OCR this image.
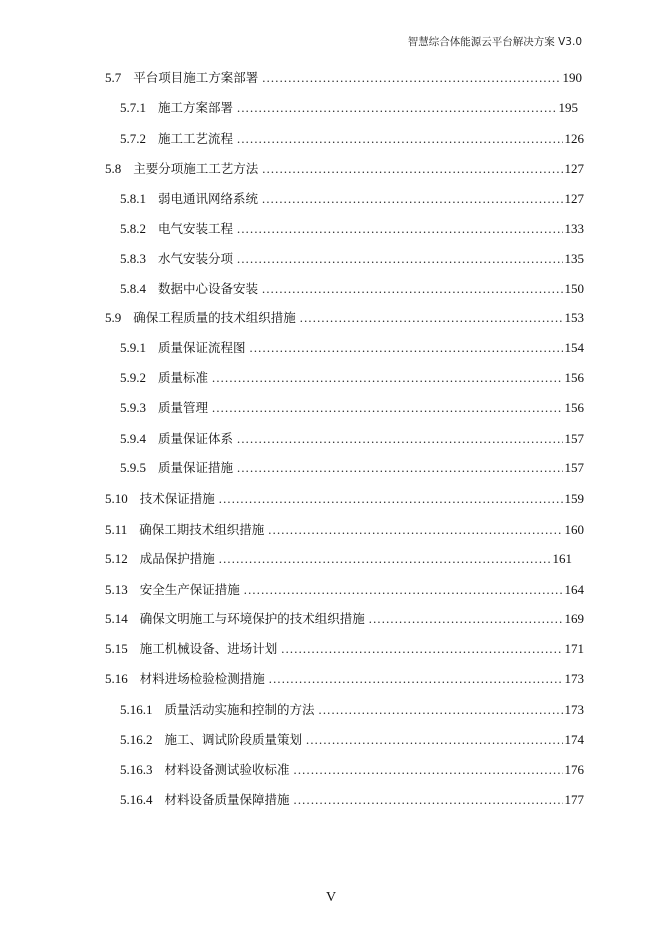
智慧综合体能源云平台解决方案 V3.0
5.7 平台项目施工方案部署 .....	190
5.7.1 施工方案部署 .....	195
5.7.2 施工工艺流程 .....	126
5.8 主要分项施工工艺方法 .....	127
5.8.1 弱电通讯网络系统 .....	127
5.8.2 电气安装工程 .....	133
5.8.3 水气安装分项 .....	135
5.8.4 数据中心设备安装 .....	150
5.9 确保工程质量的技术组织措施 .....	153
5.9.1 质量保证流程图 .....	154
5.9.2 质量标准 .....	156
5.9.3 质量管理 .....	156
5.9.4 质量保证体系 .....	157
5.9.5 质量保证措施 .....	157
5.10 技术保证措施 .....	159
5.11 确保工期技术组织措施 .....	160
5.12 成品保护措施 .....	161
5.13 安全生产保证措施 .....	164
5.14 确保文明施工与环境保护的技术组织措施 .....	169
5.15 施工机械设备、进场计划 .....	171
5.16 材料进场检验检测措施 .....	173
5.16.1 质量活动实施和控制的方法 .....	173
5.16.2 施工、调试阶段质量策划 .....	174
5.16.3 材料设备测试验收标准 .....	176
5.16.4 材料设备质量保障措施 .....	177
V
